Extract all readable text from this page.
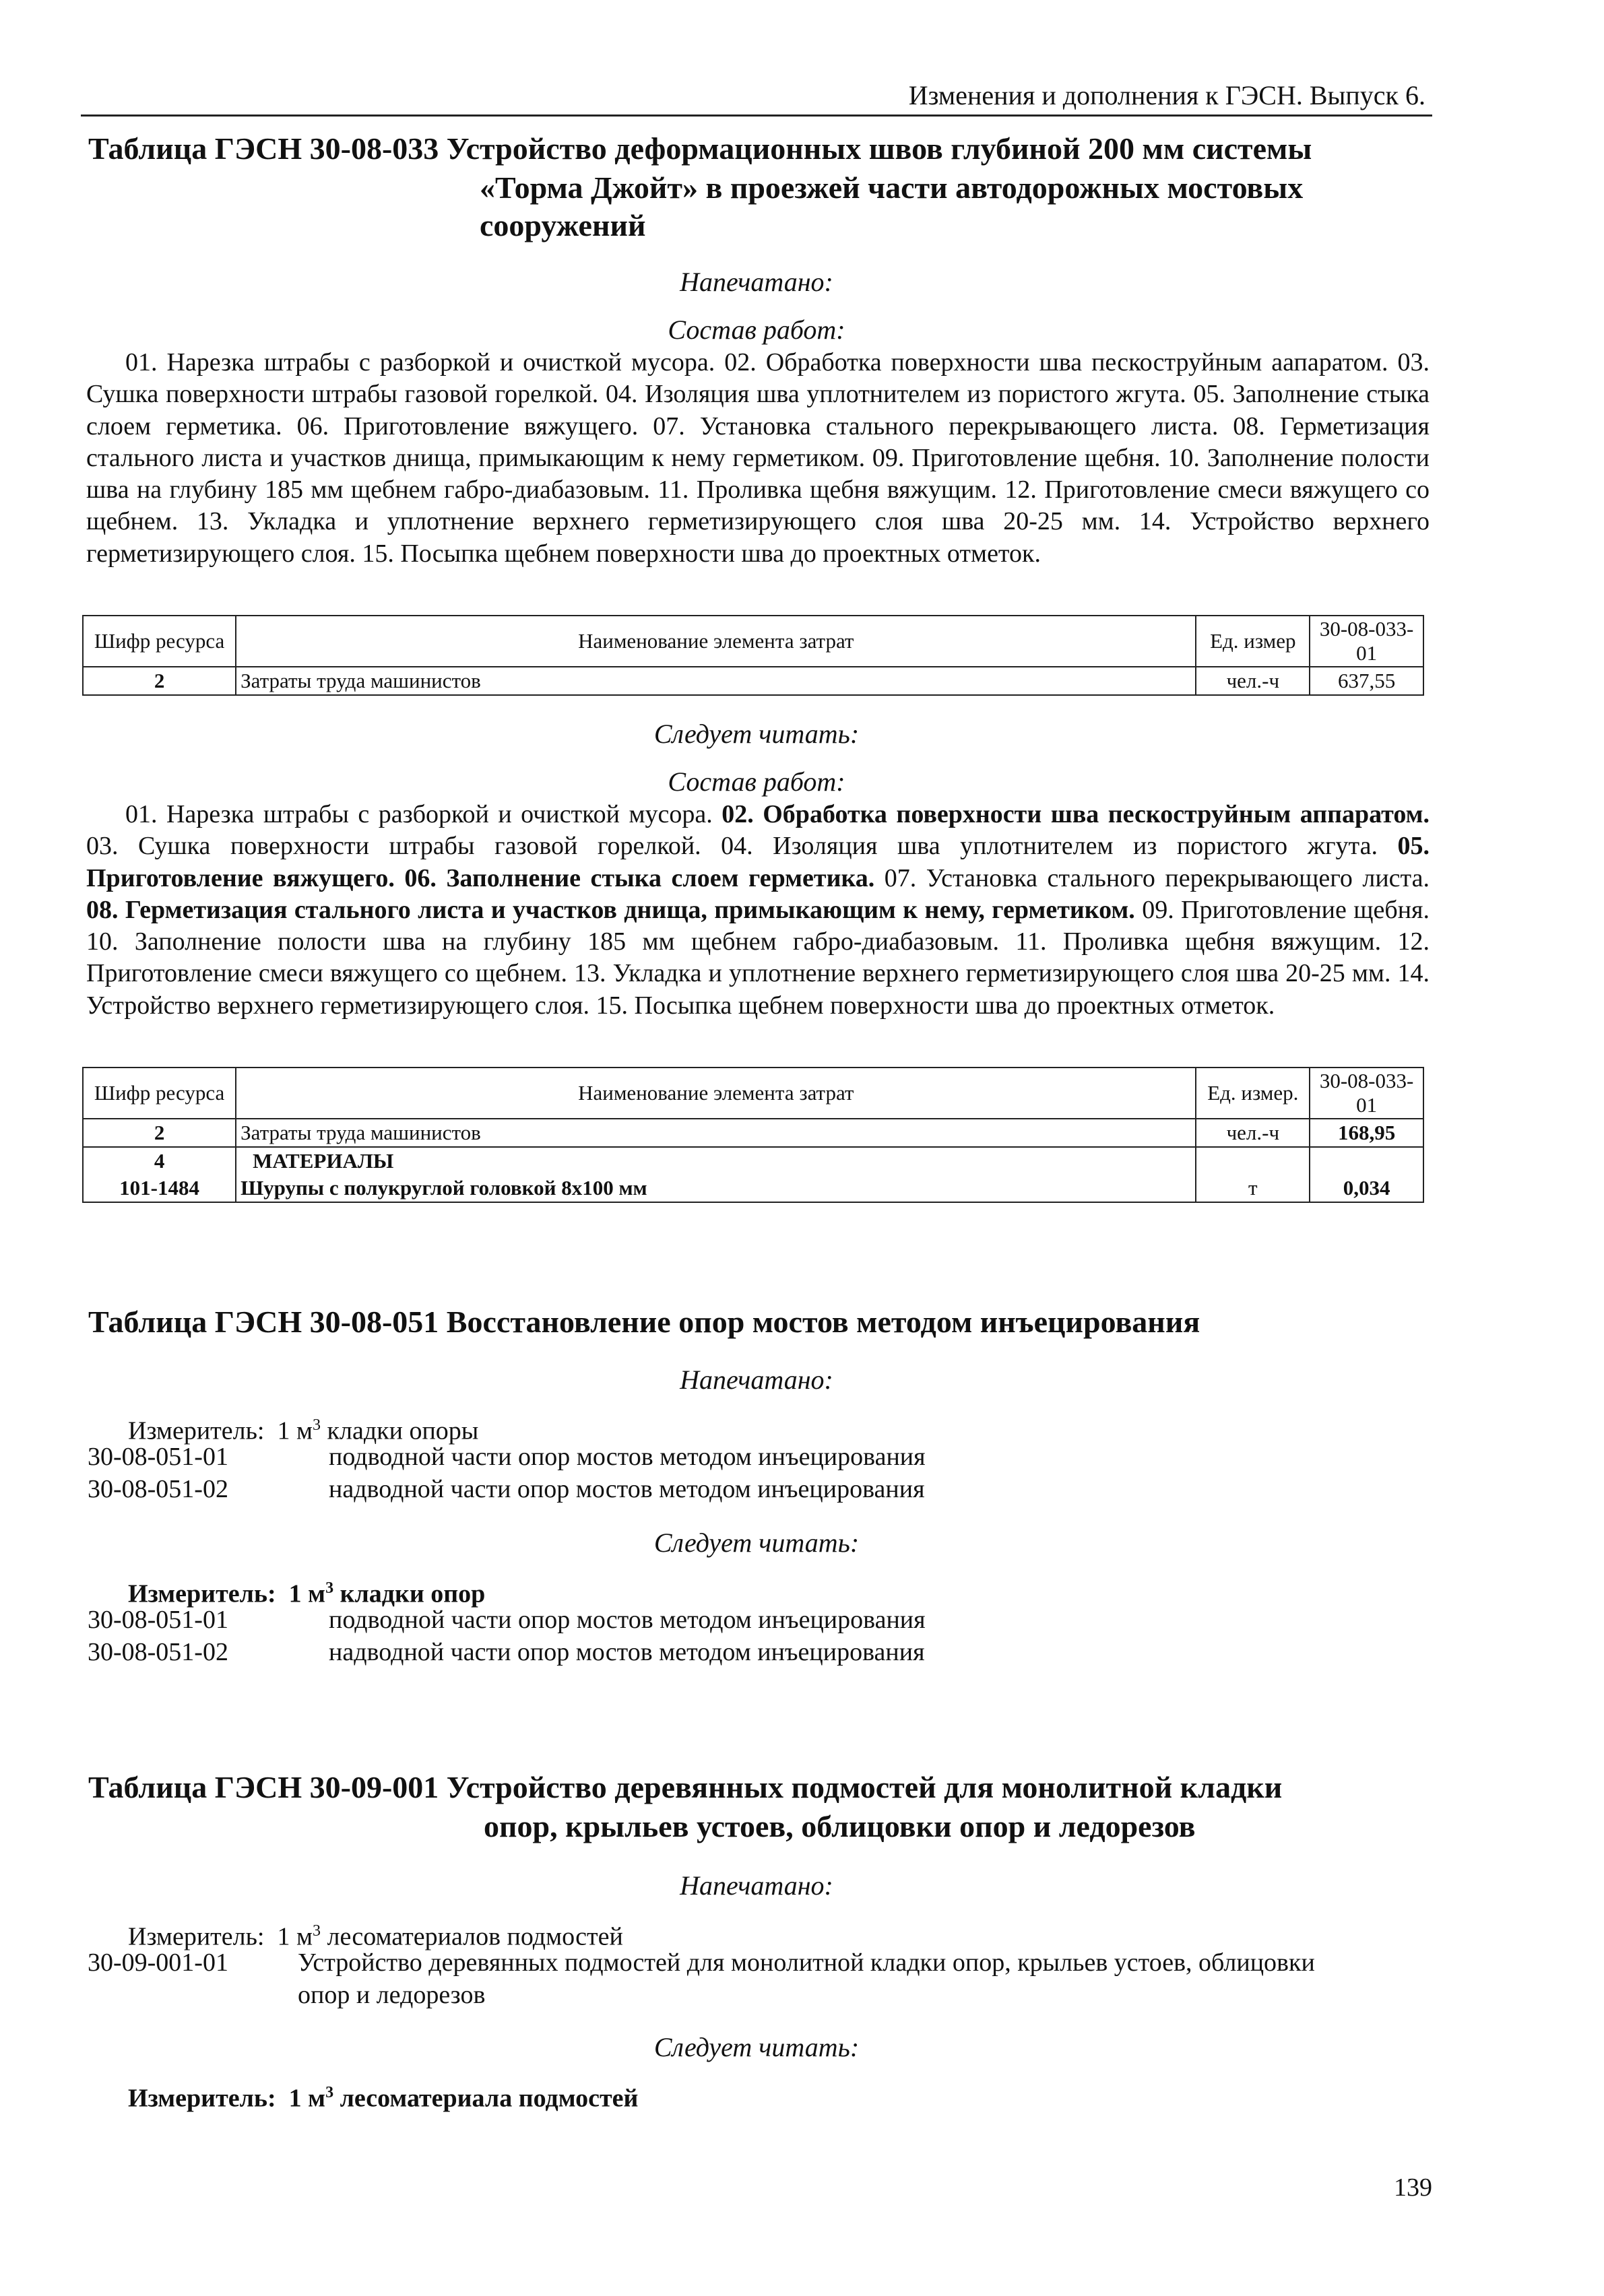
Изменения и дополнения к ГЭСН. Выпуск 6.
Таблица ГЭСН 30-08-033 Устройство деформационных швов глубиной 200 мм системы
«Торма Джойт» в проезжей части автодорожных мостовых
сооружений
Напечатано:
Состав работ:
01. Нарезка штрабы с разборкой и очисткой мусора. 02. Обработка поверхности шва пескоструйным аапаратом. 03. Сушка поверхности штрабы газовой горелкой. 04. Изоляция шва уплотнителем из пористого жгута. 05. Заполнение стыка слоем герметика. 06. Приготовление вяжущего. 07. Установка стального перекрывающего листа. 08. Герметизация стального листа и участков днища, примыкающим к нему герметиком. 09. Приготовление щебня. 10. Заполнение полости шва на глубину 185 мм щебнем габро-диабазовым. 11. Проливка щебня вяжущим. 12. Приготовление смеси вяжущего со щебнем. 13. Укладка и уплотнение верхнего герметизирующего слоя шва 20-25 мм. 14. Устройство верхнего герметизирующего слоя. 15. Посыпка щебнем поверхности шва до проектных отметок.
Шифр ресурса	Наименование элемента затрат	Ед. измер	30-08-033-01
2	Затраты труда машинистов	чел.-ч	637,55
Следует читать:
Состав работ:
01. Нарезка штрабы с разборкой и очисткой мусора. 02. Обработка поверхности шва пескоструйным аппаратом. 03. Сушка поверхности штрабы газовой горелкой. 04. Изоляция шва уплотнителем из пористого жгута. 05. Приготовление вяжущего. 06. Заполнение стыка слоем герметика. 07. Установка стального перекрывающего листа. 08. Герметизация стального листа и участков днища, примыкающим к нему, герметиком. 09. Приготовление щебня. 10. Заполнение полости шва на глубину 185 мм щебнем габро-диабазовым. 11. Проливка щебня вяжущим. 12. Приготовление смеси вяжущего со щебнем. 13. Укладка и уплотнение верхнего герметизирующего слоя шва 20-25 мм. 14. Устройство верхнего герметизирующего слоя. 15. Посыпка щебнем поверхности шва до проектных отметок.
Шифр ресурса	Наименование элемента затрат	Ед. измер.	30-08-033-01
2	Затраты труда машинистов	чел.-ч	168,95
4	МАТЕРИАЛЫ		
101-1484	Шурупы с полукруглой головкой 8x100 мм	т	0,034
Таблица ГЭСН 30-08-051 Восстановление опор мостов методом инъецирования
Напечатано:
Измеритель: 1 $м^3$ кладки опоры
30-08-051-01	подводной части опор мостов методом инъецирования
30-08-051-02	надводной части опор мостов методом инъецирования
Следует читать:
Измеритель: 1 $м^3$ кладки опор
30-08-051-01	подводной части опор мостов методом инъецирования
30-08-051-02	надводной части опор мостов методом инъецирования
Таблица ГЭСН 30-09-001 Устройство деревянных подмостей для монолитной кладки
опор, крыльев устоев, облицовки опор и ледорезов
Напечатано:
Измеритель: 1 $м^3$ лесоматериалов подмостей
30-09-001-01	Устройство деревянных подмостей для монолитной кладки опор, крыльев устоев, облицовки
опор и ледорезов
Следует читать:
Измеритель: 1 $м^3$ лесоматериала подмостей
139
